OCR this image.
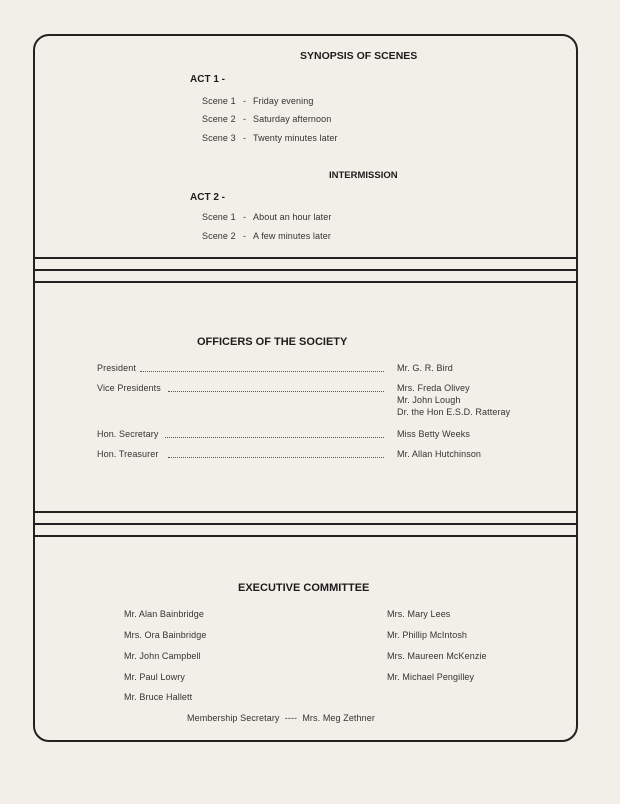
SYNOPSIS OF SCENES
ACT 1 -
Scene 1 - Friday evening
Scene 2 - Saturday afternoon
Scene 3 - Twenty minutes later
INTERMISSION
ACT 2 -
Scene 1 - About an hour later
Scene 2 - A few minutes later
OFFICERS OF THE SOCIETY
President	Mr. G. R. Bird
Vice Presidents	Mrs. Freda Olivey
Mr. John Lough
Dr. the Hon E.S.D. Ratteray
Hon. Secretary	Miss Betty Weeks
Hon. Treasurer	Mr. Allan Hutchinson
EXECUTIVE COMMITTEE
Mr. Alan Bainbridge
Mrs. Ora Bainbridge
Mr. John Campbell
Mr. Paul Lowry
Mr. Bruce Hallett
Mrs. Mary Lees
Mr. Phillip McIntosh
Mrs. Maureen McKenzie
Mr. Michael Pengilley
Membership Secretary  ----  Mrs. Meg Zethner
